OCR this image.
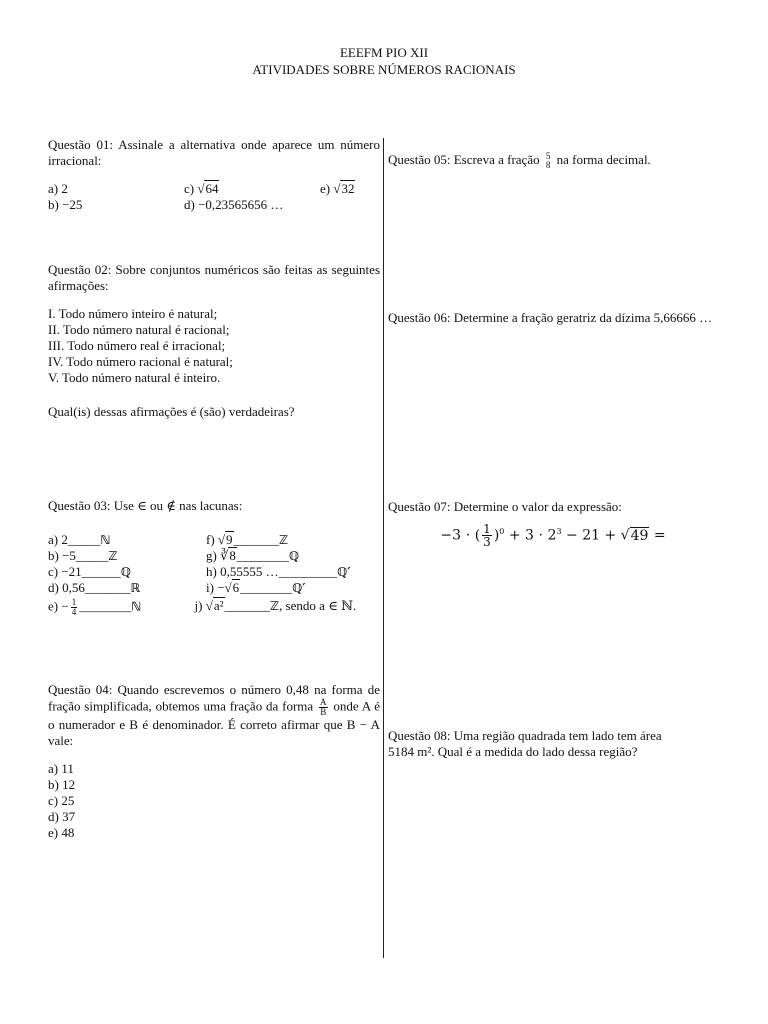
EEEFM PIO XII
ATIVIDADES SOBRE NÚMEROS RACIONAIS
Questão 01: Assinale a alternativa onde aparece um número irracional:
a) 2	c) √64	e) √32
b) −25	d) −0,23565656 …
Questão 02: Sobre conjuntos numéricos são feitas as seguintes afirmações:
I. Todo número inteiro é natural;
II. Todo número natural é racional;
III. Todo número real é irracional;
IV. Todo número racional é natural;
V. Todo número natural é inteiro.
Qual(is) dessas afirmações é (são) verdadeiras?
Questão 03: Use ∈ ou ∉ nas lacunas:
a) 2_____ℕ	f) √9_______ℤ
b) −5_____ℤ	g) ∛8________ℚ
c) −21______ℚ	h) 0,55555 …_________ℚ′
d) 0,56_______ℝ	i) −√6________ℚ′
$e) - \frac{1}{4}$ ________ℕ	j) √a²_______ℤ, sendo a ∈ ℕ.
Questão 04: Quando escrevemos o número 0,48 na forma de fração simplificada, obtemos uma fração da forma $\frac{A}{B}$ onde A é o numerador e B é denominador. É correto afirmar que B − A vale:
a) 11
b) 12
c) 25
d) 37
e) 48
Questão 05: Escreva a fração 5
8 na forma decimal.
Questão 06: Determine a fração geratriz da dízima 5,66666 …
Questão 07: Determine o valor da expressão:
−3 ⋅ ( $\frac{1}{3} )^0 + 3 \cdot 2^3 - 21 + √49$ =
Questão 08: Uma região quadrada tem lado tem área
5184 m². Qual é a medida do lado dessa região?
